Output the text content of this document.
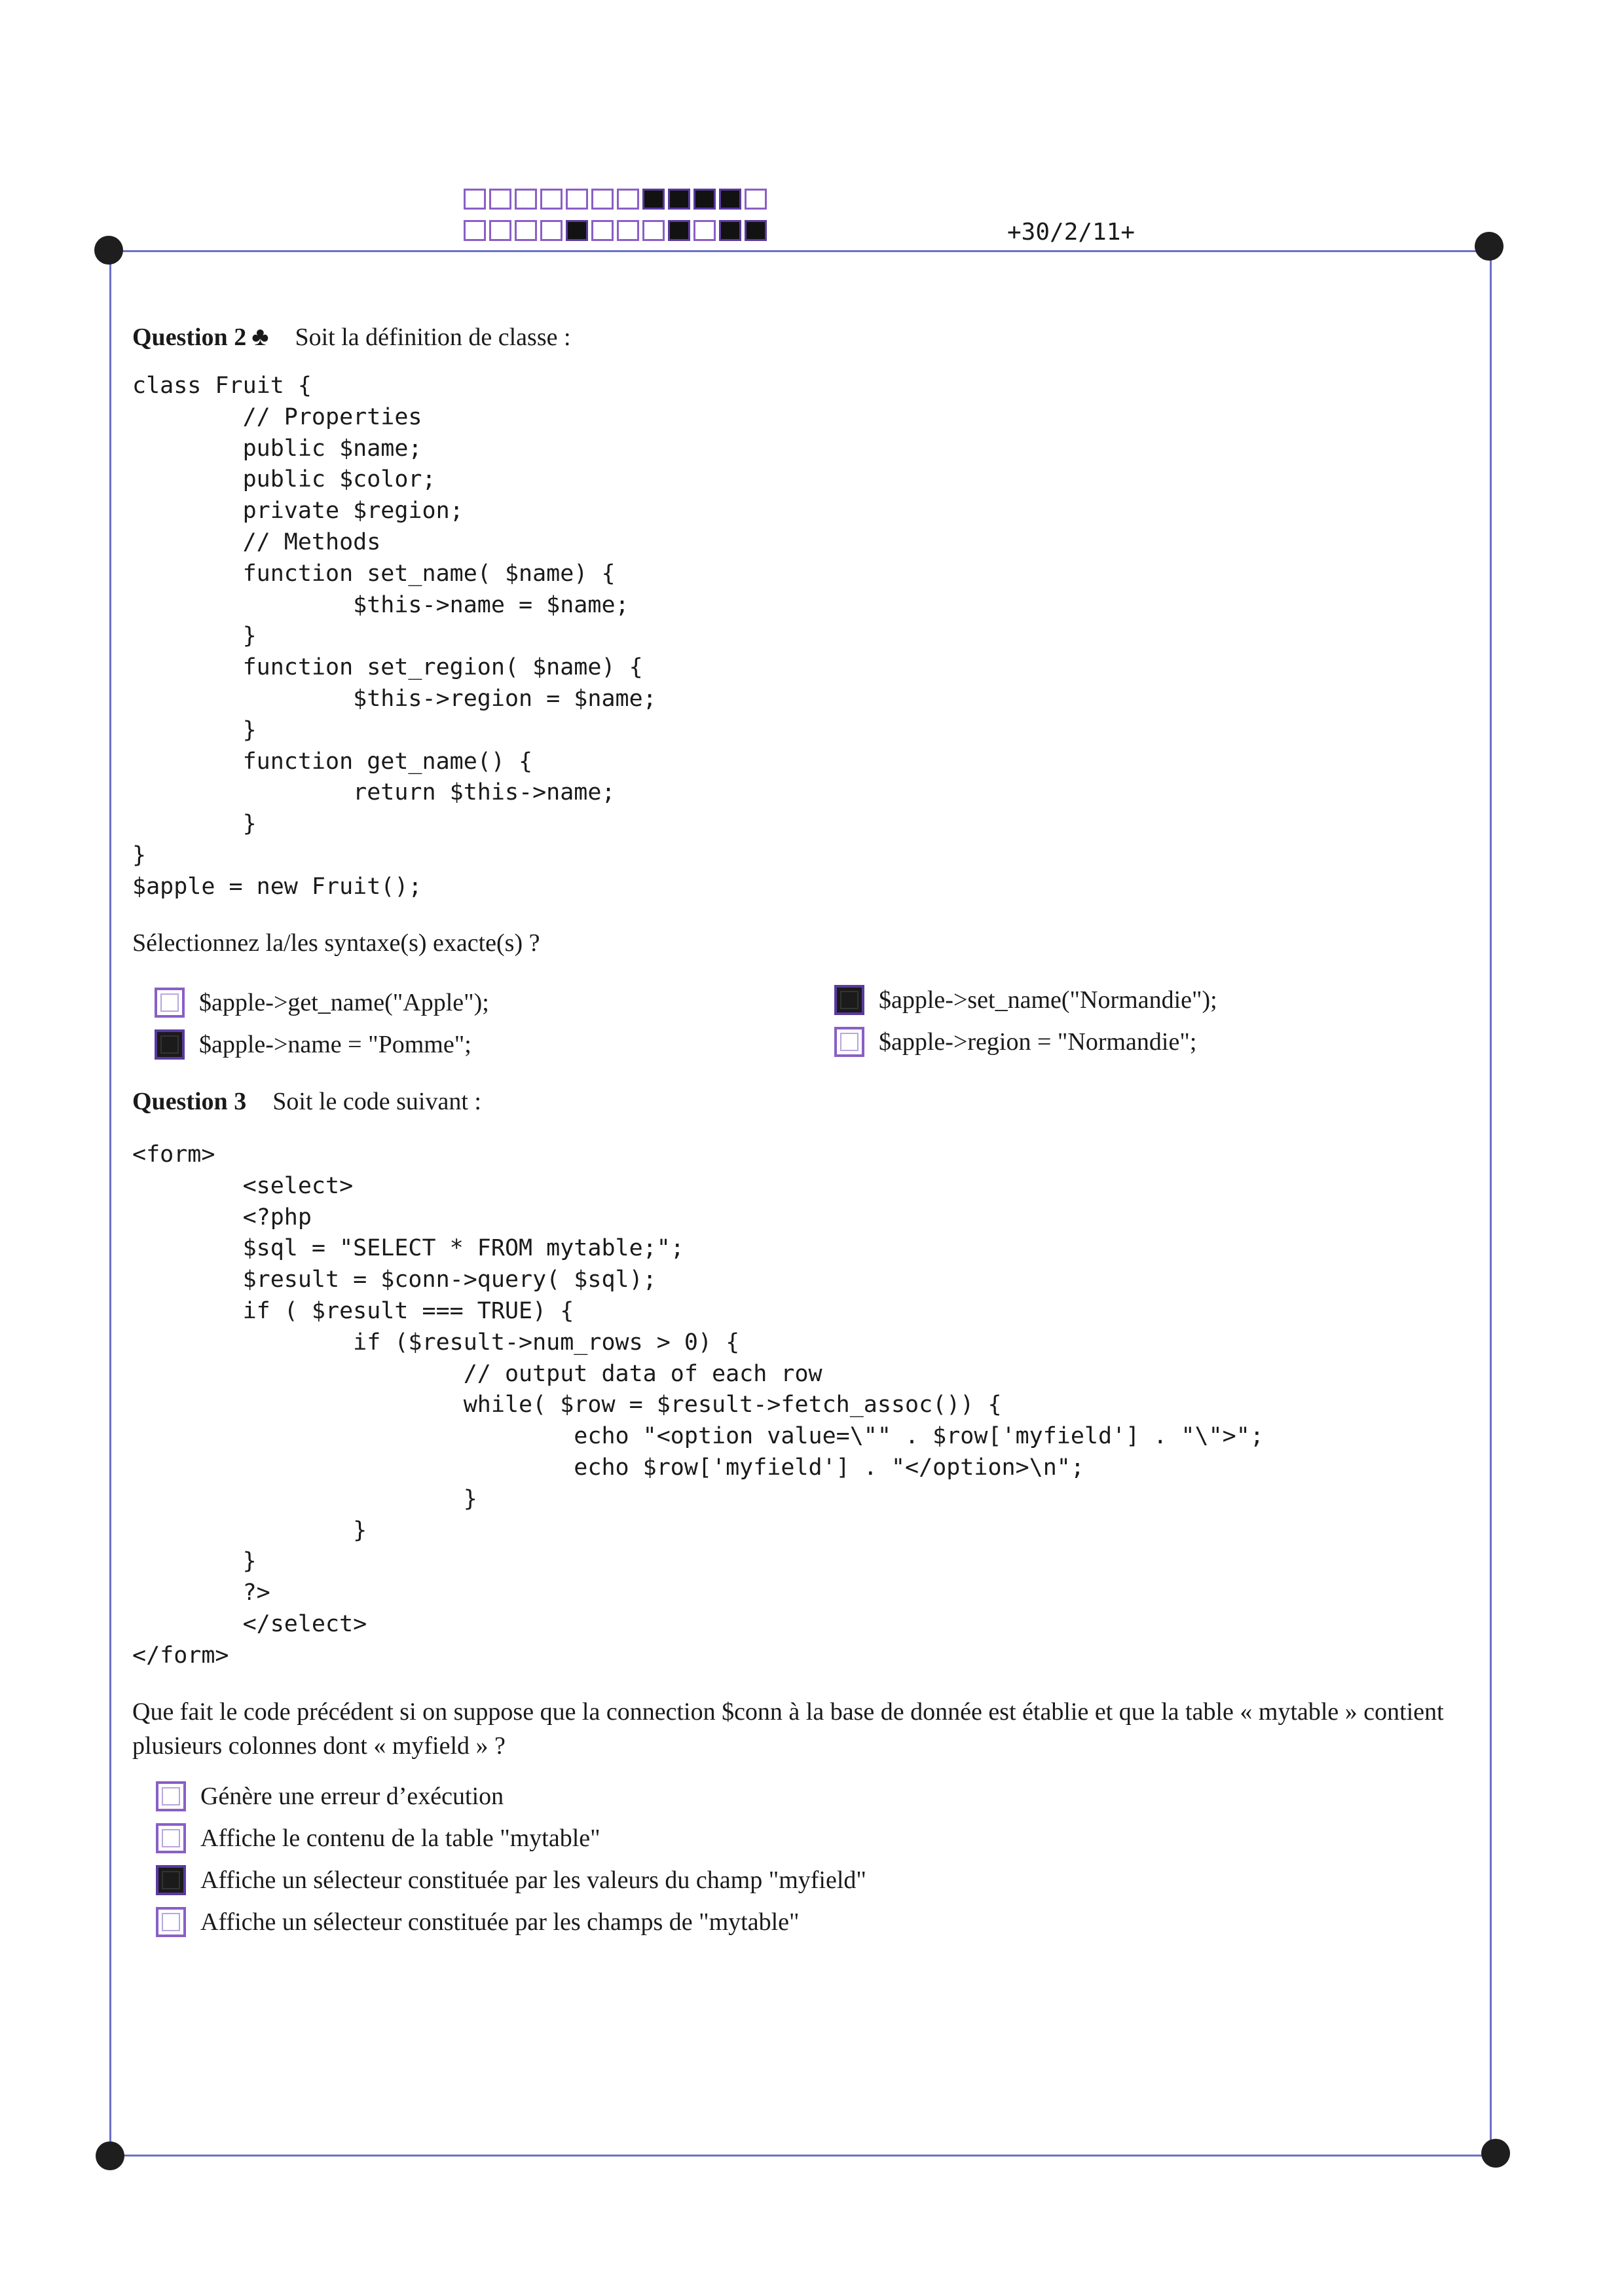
+30/2/11+
Question 2 ♣ Soit la définition de classe :
class Fruit {
// Properties
public $name;
public $color;
private $region;
// Methods
function set_name( $name) {
$this->name = $name;
}
function set_region( $name) {
$this->region = $name;
}
function get_name() {
return $this->name;
}
}
$apple = new Fruit();
Sélectionnez la/les syntaxe(s) exacte(s) ?
$apple->get_name("Apple");	$apple->set_name("Normandie");
$apple->name = "Pomme";	$apple->region = "Normandie";
Question 3 Soit le code suivant :
<form>
<select>
<?php
$sql = "SELECT * FROM mytable;";
$result = $conn->query( $sql);
if ( $result === TRUE) {
if ($result->num_rows > 0) {
// output data of each row
while( $row = $result->fetch_assoc()) {
echo "<option value=\"" . $row['myfield'] . "\">";
echo $row['myfield'] . "</option>\n";
}
}
}
?>
</select>
</form>
Que fait le code précédent si on suppose que la connection $conn à la base de donnée est établie et que la table « mytable » contient plusieurs colonnes dont « myfield » ?
Génère une erreur d’exécution
Affiche le contenu de la table "mytable"
Affiche un sélecteur constituée par les valeurs du champ "myfield"
Affiche un sélecteur constituée par les champs de "mytable"
